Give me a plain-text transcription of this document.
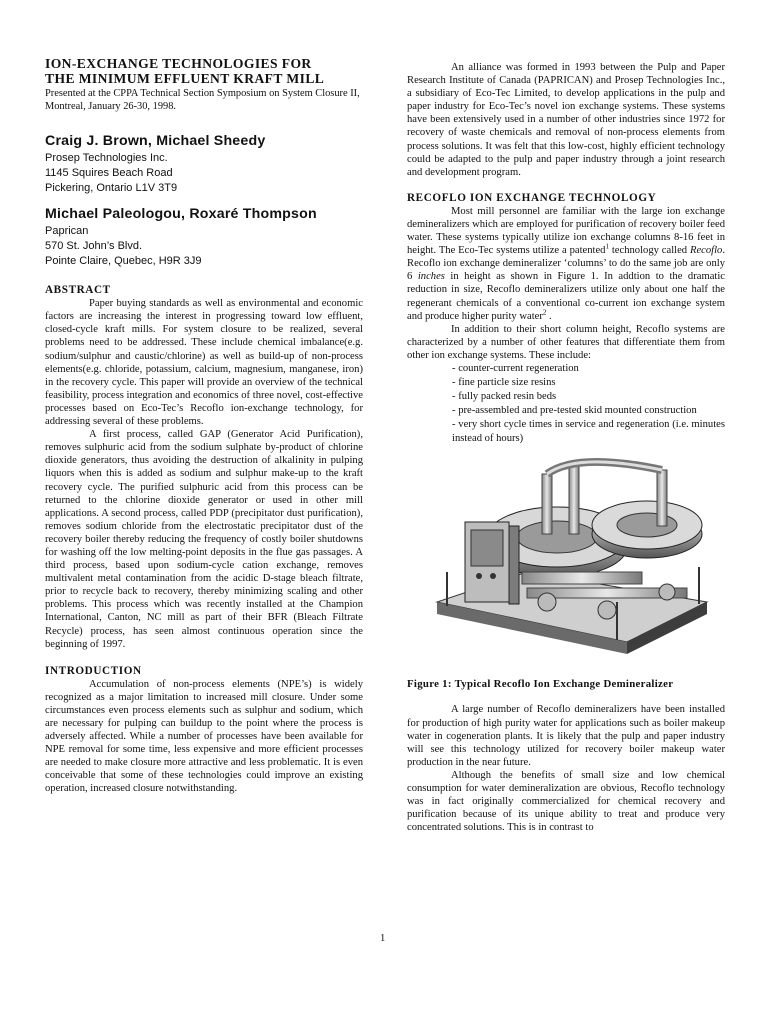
ION-EXCHANGE TECHNOLOGIES FOR
THE MINIMUM EFFLUENT KRAFT MILL

Presented at the CPPA Technical Section Symposium on System Closure II, Montreal, January 26-30, 1998.

Craig J. Brown, Michael Sheedy
Prosep Technologies Inc.
1145 Squires Beach Road
Pickering, Ontario L1V 3T9
Michael Paleologou, Roxaré Thompson
Paprican
570 St. John’s Blvd.
Pointe Claire, Quebec, H9R 3J9
ABSTRACT

Paper buying standards as well as environmental and economic factors are increasing the interest in progressing toward low effluent, closed-cycle kraft mills. For system closure to be realized, several problems need to be addressed. These include chemical imbalance(e.g. sodium/sulphur and caustic/chlorine) as well as build-up of non-process elements(e.g. chloride, potassium, calcium, magnesium, manganese, iron) in the recovery cycle. This paper will provide an overview of the technical feasibility, process integration and economics of three novel, cost-effective processes based on Eco-Tec’s Recoflo ion-exchange technology, for addressing several of these problems.

A first process, called GAP (Generator Acid Purification), removes sulphuric acid from the sodium sulphate by-product of chlorine dioxide generators, thus avoiding the destruction of alkalinity in pulping liquors when this is added as sodium and sulphur make-up to the kraft recovery cycle. The purified sulphuric acid from this process can be returned to the chlorine dioxide generator or used in other mill applications. A second process, called PDP (precipitator dust purification), removes sodium chloride from the electrostatic precipitator dust of the recovery boiler thereby reducing the frequency of costly boiler shutdowns for washing off the low melting-point deposits in the flue gas passages. A third process, based upon sodium-cycle cation exchange, removes multivalent metal contamination from the acidic D-stage bleach filtrate, prior to recycle back to recovery, thereby minimizing scaling and other problems. This process which was recently installed at the Champion International, Canton, NC mill as part of their BFR (Bleach Filtrate Recycle) process, has seen almost continuous operation since the beginning of 1997.

INTRODUCTION

Accumulation of non-process elements (NPE’s) is widely recognized as a major limitation to increased mill closure. Under some circumstances even process elements such as sulphur and sodium, which are necessary for pulping can buildup to the point where the process is adversely affected. While a number of processes have been available for NPE removal for some time, less expensive and more efficient processes are needed to make closure more attractive and less problematic. It is even conceivable that some of these technologies could improve an existing operation, increased closure notwithstanding.

An alliance was formed in 1993 between the Pulp and Paper Research Institute of Canada (PAPRICAN) and Prosep Technologies Inc., a subsidiary of Eco-Tec Limited, to develop applications in the pulp and paper industry for Eco-Tec’s novel ion exchange systems. These systems have been extensively used in a number of other industries since 1972 for recovery of waste chemicals and removal of non-process elements from process solutions. It was felt that this low-cost, highly efficient technology could be adapted to the pulp and paper industry through a joint research and development program.

RECOFLO ION EXCHANGE TECHNOLOGY

Most mill personnel are familiar with the large ion exchange demineralizers which are employed for purification of recovery boiler feed water. These systems typically utilize ion exchange columns 8-16 feet in height. The Eco-Tec systems utilize a patented$^1$ technology called Recoflo. Recoflo ion exchange demineralizer ‘columns’ to do the same job are only 6 inches in height as shown in Figure 1. In addtion to the dramatic reduction in size, Recoflo demineralizers utilize only about one half the regenerant chemicals of a conventional co-current ion exchange system and produce higher purity water$^2$ .

In addition to their short column height, Recoflo systems are characterized by a number of other features that differentiate them from other ion exchange systems. These include:

- counter-current regeneration
- fine particle size resins
- fully packed resin beds
- pre-assembled and pre-tested skid mounted construction
- very short cycle times in service and regeneration (i.e. minutes instead of hours)
Figure 1: Typical Recoflo Ion Exchange Demineralizer

A large number of Recoflo demineralizers have been installed for production of high purity water for applications such as boiler makeup water in cogeneration plants. It is likely that the pulp and paper industry will see this technology utilized for recovery boiler makeup water production in the near future.

Although the benefits of small size and low chemical consumption for water demineralization are obvious, Recoflo technology was in fact originally commercialized for chemical recovery and purification because of its unique ability to treat and produce very concentrated solutions. This is in contrast to

1
